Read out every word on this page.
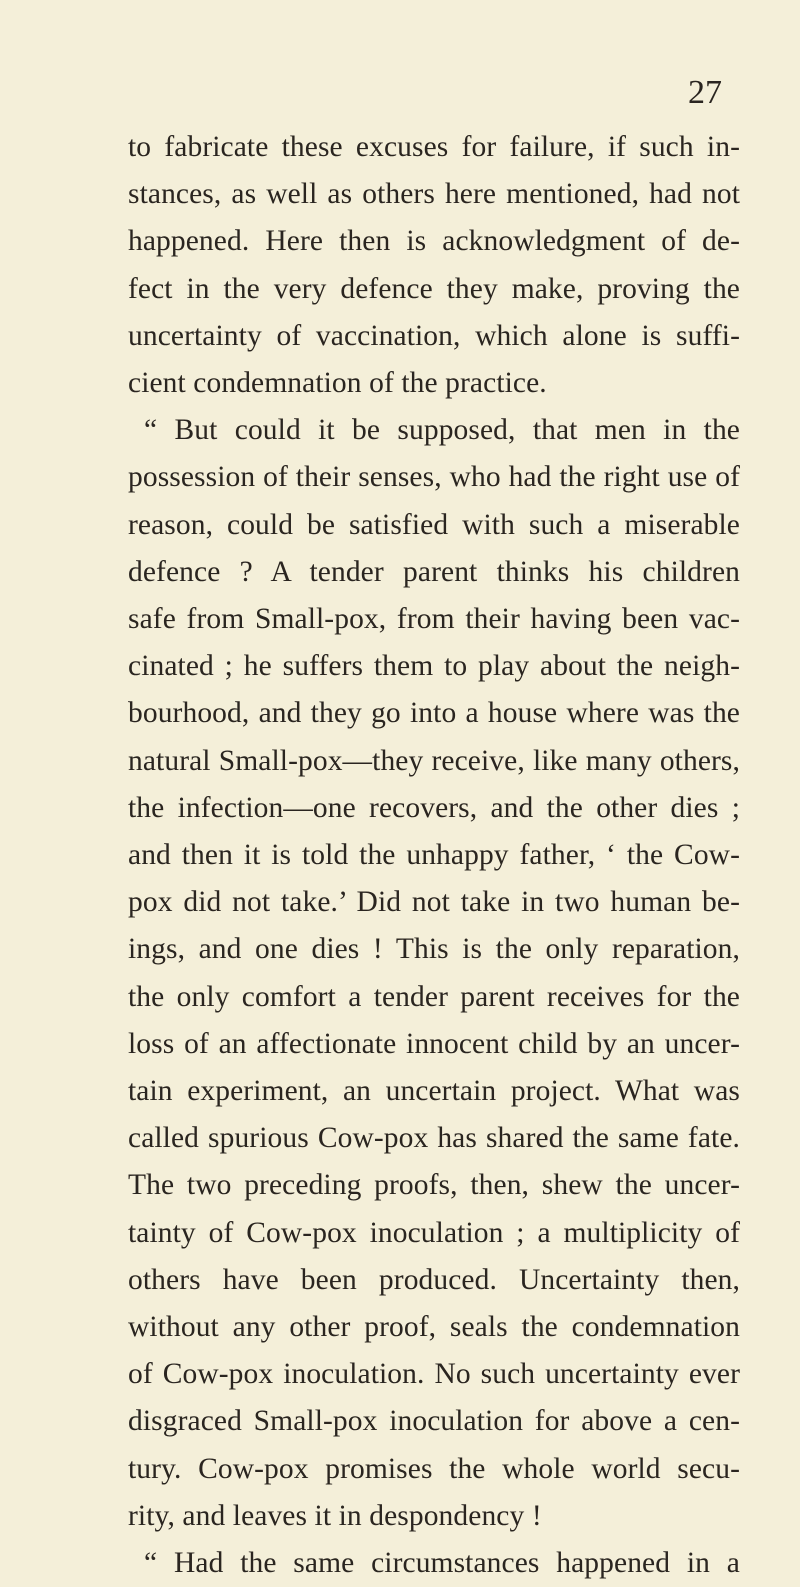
27
to fabricate these excuses for failure, if such in-
stances, as well as others here mentioned, had not
happened. Here then is acknowledgment of de-
fect in the very defence they make, proving the
uncertainty of vaccination, which alone is suffi-
cient condemnation of the practice.
“ But could it be supposed, that men in the
possession of their senses, who had the right use of
reason, could be satisfied with such a miserable
defence ? A tender parent thinks his children
safe from Small-pox, from their having been vac-
cinated ; he suffers them to play about the neigh-
bourhood, and they go into a house where was the
natural Small-pox—they receive, like many others,
the infection—one recovers, and the other dies ;
and then it is told the unhappy father, ‘ the Cow-
pox did not take.’ Did not take in two human be-
ings, and one dies ! This is the only reparation,
the only comfort a tender parent receives for the
loss of an affectionate innocent child by an uncer-
tain experiment, an uncertain project. What was
called spurious Cow-pox has shared the same fate.
The two preceding proofs, then, shew the uncer-
tainty of Cow-pox inoculation ; a multiplicity of
others have been produced. Uncertainty then,
without any other proof, seals the condemnation
of Cow-pox inoculation. No such uncertainty ever
disgraced Small-pox inoculation for above a cen-
tury. Cow-pox promises the whole world secu-
rity, and leaves it in despondency !
“ Had the same circumstances happened in a
